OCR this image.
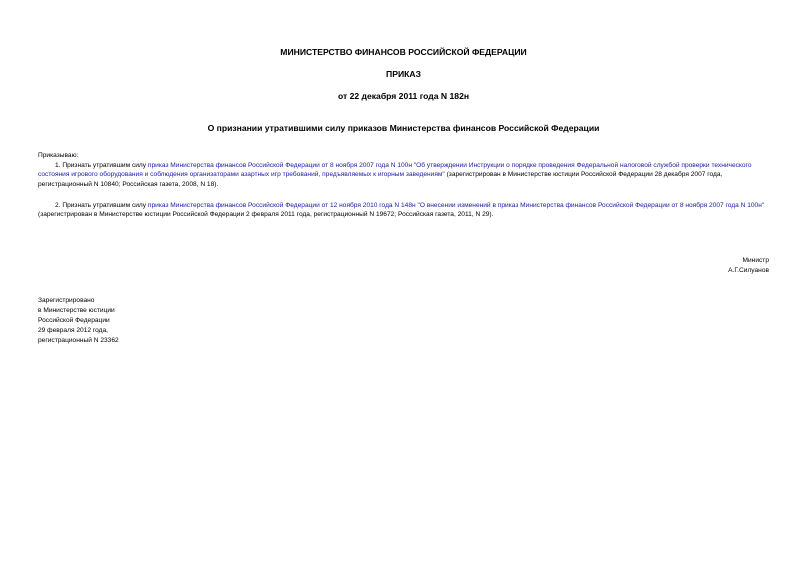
МИНИСТЕРСТВО ФИНАНСОВ РОССИЙСКОЙ ФЕДЕРАЦИИ
ПРИКАЗ
от 22 декабря 2011 года N 182н
О признании утратившими силу приказов Министерства финансов Российской Федерации
Приказываю:
1. Признать утратившим силу приказ Министерства финансов Российской Федерации от 8 ноября 2007 года N 100н "Об утверждении Инструкции о порядке проведения Федеральной налоговой службой проверки технического состояния игрового оборудования и соблюдения организаторами азартных игр требований, предъявляемых к игорным заведениям" (зарегистрирован в Министерстве юстиции Российской Федерации 28 декабря 2007 года, регистрационный N 10840; Российская газета, 2008, N 18).
2. Признать утратившим силу приказ Министерства финансов Российской Федерации от 12 ноября 2010 года N 148н "О внесении изменений в приказ Министерства финансов Российской Федерации от 8 ноября 2007 года N 100н" (зарегистрирован в Министерстве юстиции Российской Федерации 2 февраля 2011 года, регистрационный N 19672; Российская газета, 2011, N 29).
Министр
А.Г.Силуанов
Зарегистрировано
в Министерстве юстиции
Российской Федерации
29 февраля 2012 года,
регистрационный N 23362
